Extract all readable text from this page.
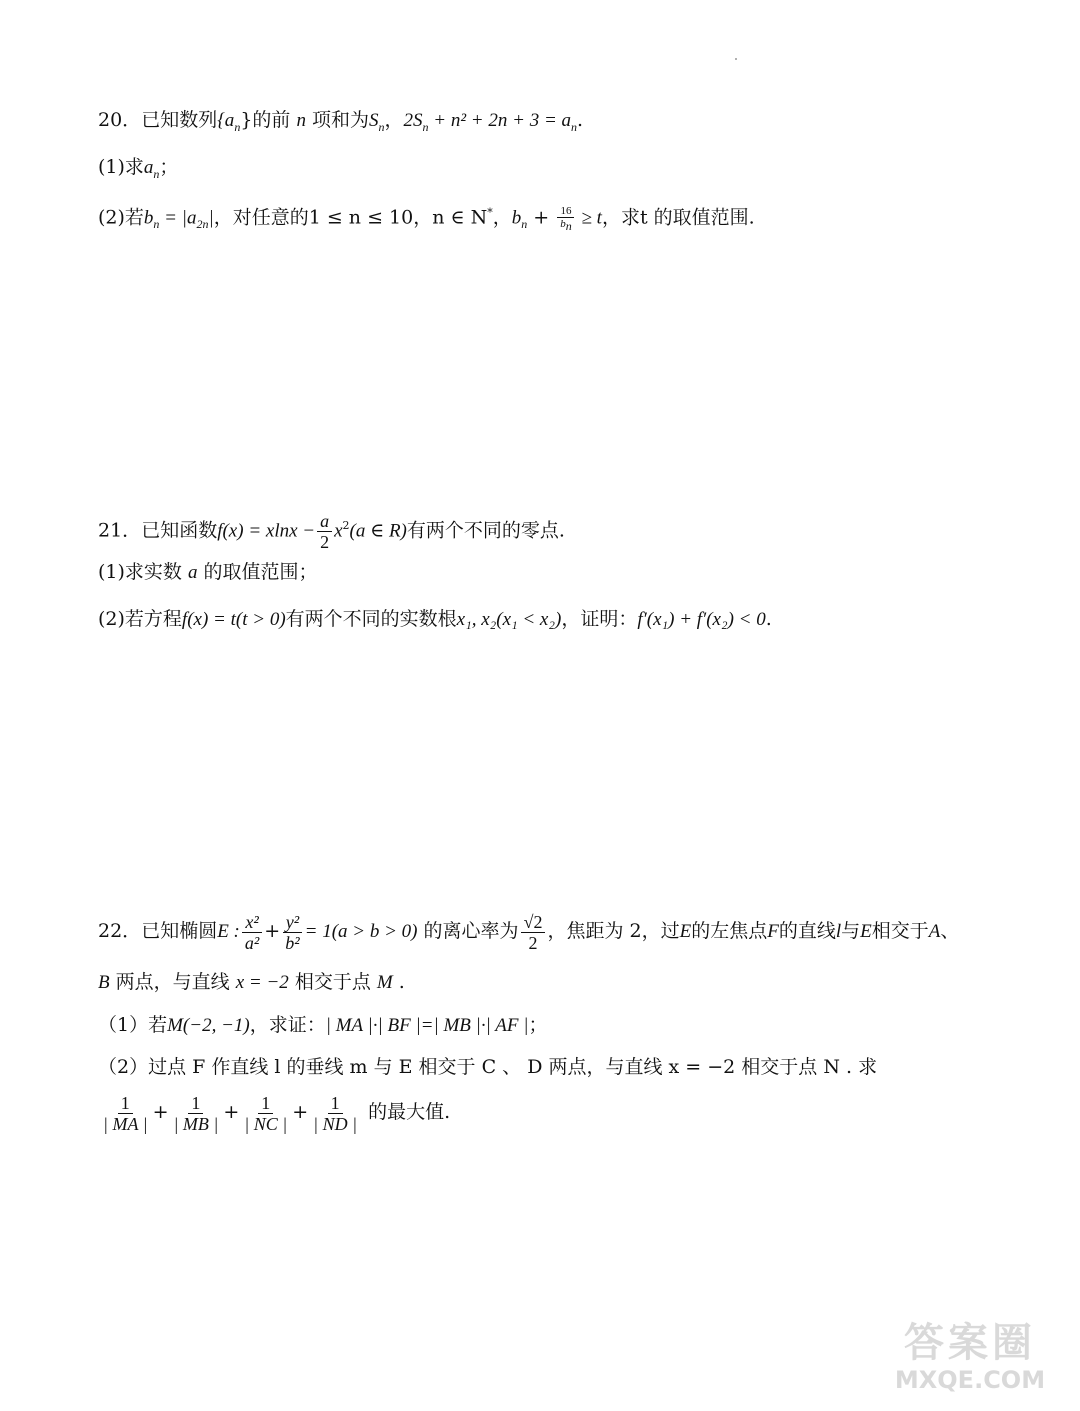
20．已知数列$\{a_n\}$的前 n 项和为$S_n$，$2S_n + n^2 + 2n + 3 = a_n$.
(1)求$a_n$；
(2)若$b_n = |a_{2n}|$，对任意的1 ≤ n ≤ 10，n ∈ N*，$b_n + \frac{16}{b_n} \ge t$，求t 的取值范围.
21．已知函数$f(x) = xlnx - \frac{a}{2} x^2(a$ ∈ R)有两个不同的零点.
(1)求实数 a 的取值范围；
(2)若方程f(x) = t(t > 0)有两个不同的实数根x₁, x₂(x₁ < x₂)，证明：f′(x₁) + f′(x₂) < 0.
22．已知椭圆E : $\frac{\text{x²}}{\text{a²}} + \frac{\text{y²}}{\text{b²}} = 1(a > b > 0)$ 的离心率为 $\frac{√2}{2}$ ，焦距为 2，过E的左焦点F的直线l与E相交于A、
B 两点，与直线 x = −2 相交于点 M .
（1）若M(−2, −1)，求证：| MA |·| BF |=| MB |·| AF |；
（2）过点 F 作直线 l 的垂线 m 与 E 相交于 C 、 D 两点，与直线 x = −2 相交于点 N . 求
$\frac{1}{| MA |} + \frac{1}{| MB |} + \frac{1}{| NC |} + \frac{1}{| ND |}$ 的最大值.
答案圈
MXQE.COM
